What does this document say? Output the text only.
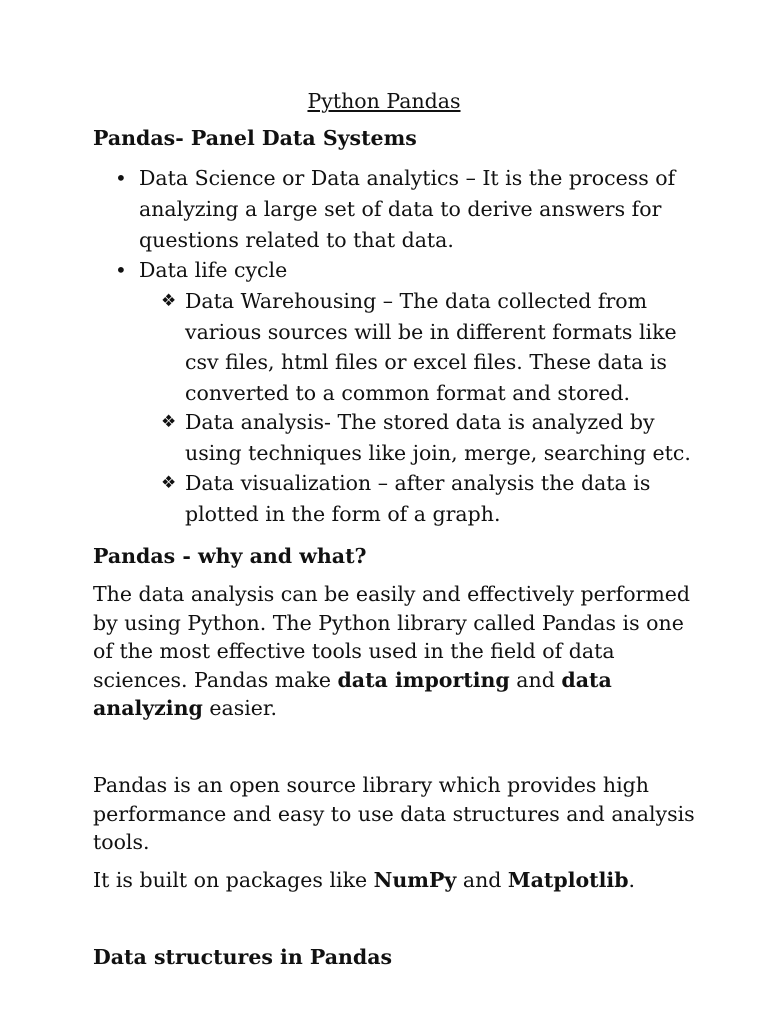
Python Pandas
Pandas- Panel Data Systems
• Data Science or Data analytics – It is the process of analyzing a large set of data to derive answers for questions related to that data.
• Data life cycle
❖ Data Warehousing – The data collected from various sources will be in different formats like csv files, html files or excel files. These data is converted to a common format and stored.
❖ Data analysis- The stored data is analyzed by using techniques like join, merge, searching etc.
❖ Data visualization – after analysis the data is plotted in the form of a graph.
Pandas - why and what?
The data analysis can be easily and effectively performed by using Python. The Python library called Pandas is one of the most effective tools used in the field of data sciences. Pandas make data importing and data analyzing easier.
Pandas is an open source library which provides high performance and easy to use data structures and analysis tools.
It is built on packages like NumPy and Matplotlib.
Data structures in Pandas
